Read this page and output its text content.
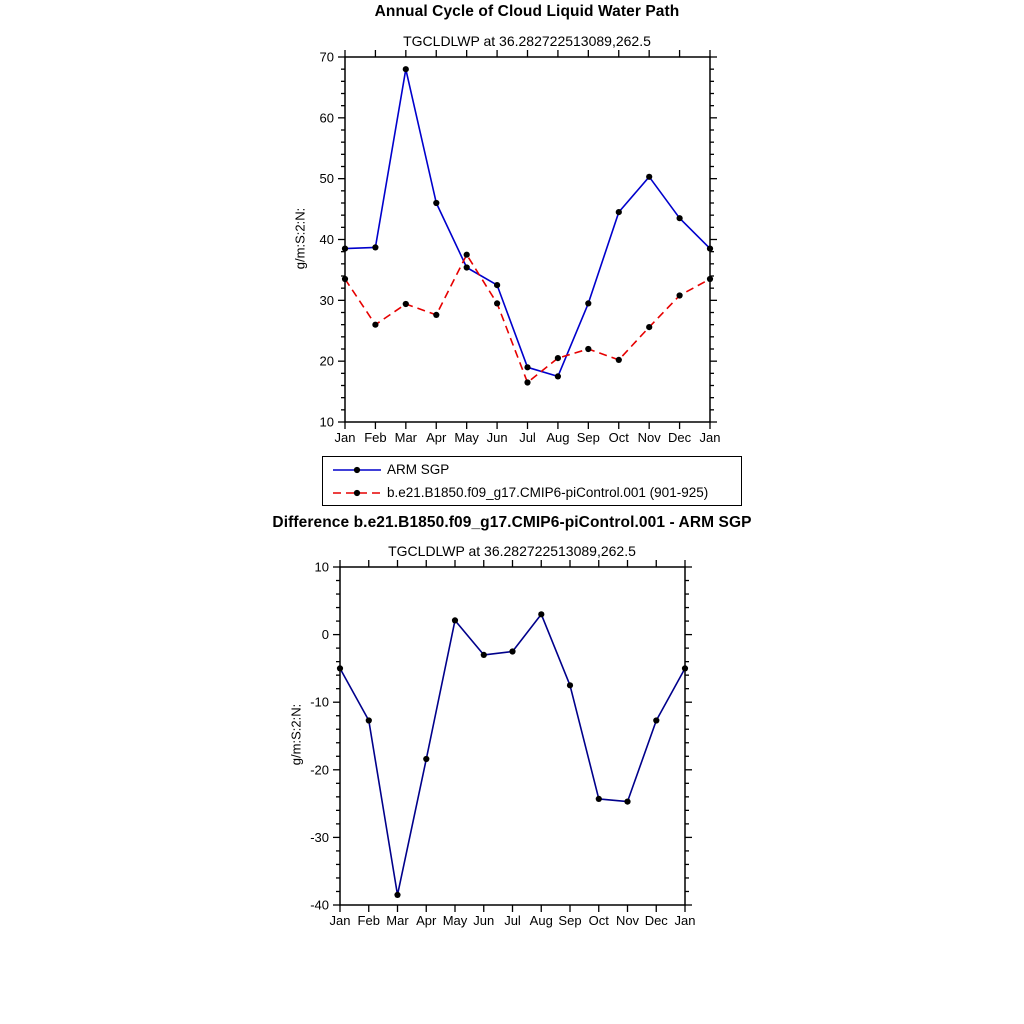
Annual Cycle of Cloud Liquid Water Path
TGCLDLWP at 36.282722513089,262.5
g/m:S:2:N:
10
20
30
40
50
60
70
Jan Feb Mar Apr May Jun Jul Aug Sep Oct Nov Dec Jan
ARM SGP
b.e21.B1850.f09_g17.CMIP6-piControl.001 (901-925)
Difference b.e21.B1850.f09_g17.CMIP6-piControl.001 - ARM SGP
TGCLDLWP at 36.282722513089,262.5
g/m:S:2:N:
-40
-30
-20
-10
0
10
Jan Feb Mar Apr May Jun Jul Aug Sep Oct Nov Dec Jan
